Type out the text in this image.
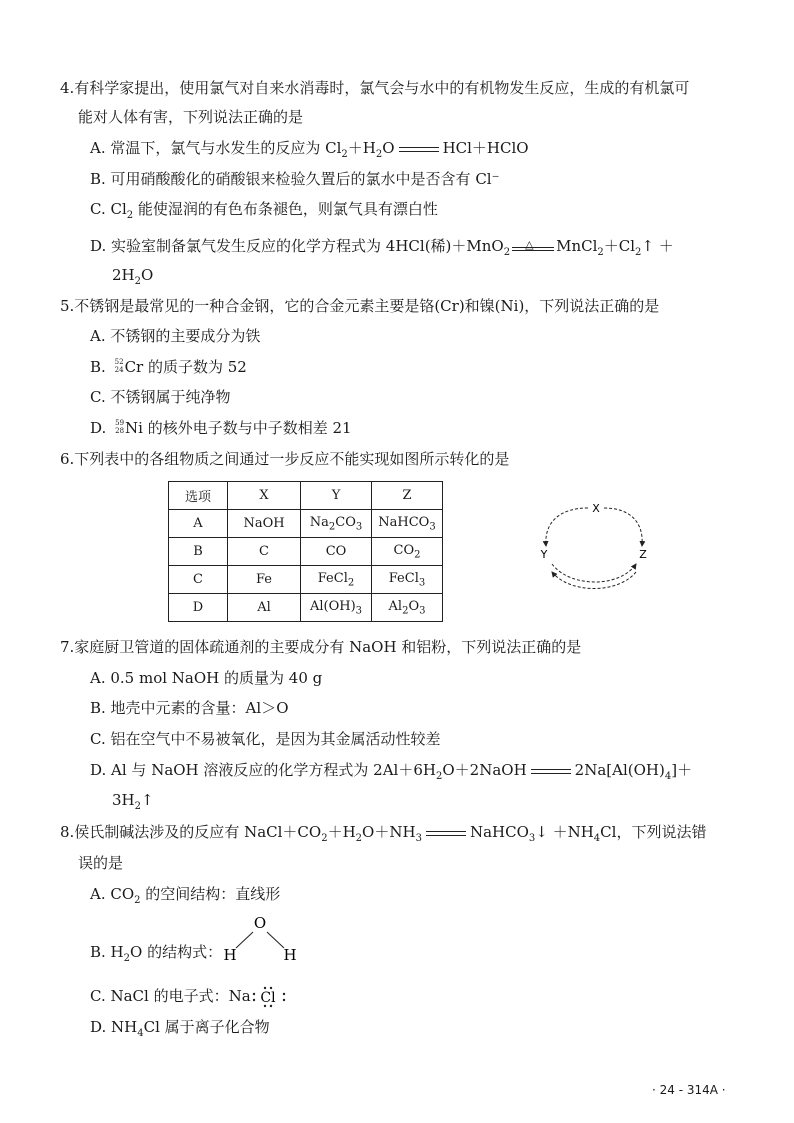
4.有科学家提出，使用氯气对自来水消毒时，氯气会与水中的有机物发生反应，生成的有机氯可
能对人体有害，下列说法正确的是
A. 常温下，氯气与水发生的反应为 $Cl_2+H_2O$	HCl＋HClO
B. 可用硝酸酸化的硝酸银来检验久置后的氯水中是否含有 Cl⁻
C. $Cl_2$ 能使湿润的有色布条褪色，则氯气具有漂白性
D. 实验室制备氯气发生反应的化学方程式为 4HCl(稀)＋MnO$_2$
△ $MnCl_2+Cl_2↑$ ＋
$2H_2O$
5.不锈钢是最常见的一种合金钢，它的合金元素主要是铬(Cr)和镍(Ni)，下列说法正确的是
A. 不锈钢的主要成分为铁
B. 52
24 Cr 的质子数为 52
C. 不锈钢属于纯净物
D. 59
28 Ni 的核外电子数与中子数相差 21
6.下列表中的各组物质之间通过一步反应不能实现如图所示转化的是
选项	X	Y	Z
A	NaOH	$Na_2CO_3$	NaHCO$_3$
B	C	CO	$CO_2$
C	Fe	FeCl$_2$	FeCl$_3$
D	Al	$Al(OH)_3$	$Al_2O_3$
X
Y	Z
7.家庭厨卫管道的固体疏通剂的主要成分有 NaOH 和铝粉，下列说法正确的是
A. 0.5 mol NaOH 的质量为 40 g
B. 地壳中元素的含量：Al＞O
C. 铝在空气中不易被氧化，是因为其金属活动性较差
D. Al 与 NaOH 溶液反应的化学方程式为 $2Al+6H_2O+2NaOH$	$2Na[Al(OH)_4]+$
$3H_2↑$
8.侯氏制碱法涉及的反应有 $NaCl+CO_2+H_2O+NH_3$	NaHCO$_3$↓ $+NH_4Cl$，下列说法错
误的是
A. $CO_2$ 的空间结构：直线形
B. $H_2O$ 的结构式：
O
H	H
C. NaCl 的电子式：Na Cl
D. $NH_4Cl$ 属于离子化合物
· 24 - 314A ·
